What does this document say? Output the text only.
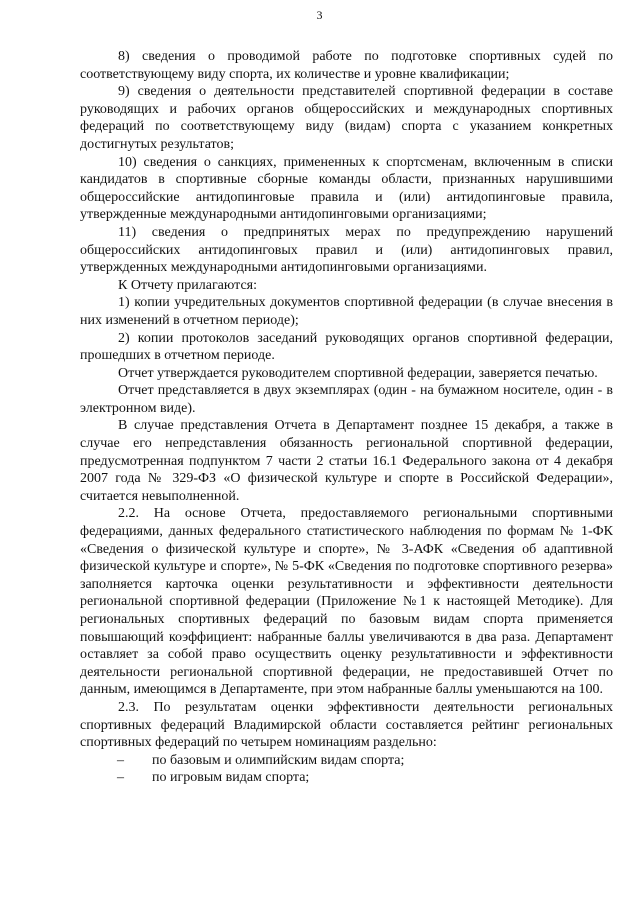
3

8) сведения о проводимой работе по подготовке спортивных судей по соответствующему виду спорта, их количестве и уровне квалификации;

9) сведения о деятельности представителей спортивной федерации в составе руководящих и рабочих органов общероссийских и международных спортивных федераций по соответствующему виду (видам) спорта с указанием конкретных достигнутых результатов;

10) сведения о санкциях, примененных к спортсменам, включенным в списки кандидатов в спортивные сборные команды области, признанных нарушившими общероссийские антидопинговые правила и (или) антидопинговые правила, утвержденные международными антидопинговыми организациями;

11) сведения о предпринятых мерах по предупреждению нарушений общероссийских антидопинговых правил и (или) антидопинговых правил, утвержденных международными антидопинговыми организациями.

К Отчету прилагаются:

1) копии учредительных документов спортивной федерации (в случае внесения в них изменений в отчетном периоде);

2) копии протоколов заседаний руководящих органов спортивной федерации, прошедших в отчетном периоде.

Отчет утверждается руководителем спортивной федерации, заверяется печатью.

Отчет представляется в двух экземплярах (один - на бумажном носителе, один - в электронном виде).

В случае представления Отчета в Департамент позднее 15 декабря, а также в случае его непредставления обязанность региональной спортивной федерации, предусмотренная подпунктом 7 части 2 статьи 16.1 Федерального закона от 4 декабря 2007 года № 329-ФЗ «О физической культуре и спорте в Российской Федерации», считается невыполненной.

2.2. На основе Отчета, предоставляемого региональными спортивными федерациями, данных федерального статистического наблюдения по формам № 1-ФК «Сведения о физической культуре и спорте», № 3-АФК «Сведения об адаптивной физической культуре и спорте», № 5-ФК «Сведения по подготовке спортивного резерва» заполняется карточка оценки результативности и эффективности деятельности региональной спортивной федерации (Приложение №1 к настоящей Методике). Для региональных спортивных федераций по базовым видам спорта применяется повышающий коэффициент: набранные баллы увеличиваются в два раза. Департамент оставляет за собой право осуществить оценку результативности и эффективности деятельности региональной спортивной федерации, не предоставившей Отчет по данным, имеющимся в Департаменте, при этом набранные баллы уменьшаются на 100.

2.3. По результатам оценки эффективности деятельности региональных спортивных федераций Владимирской области составляется рейтинг региональных спортивных федераций по четырем номинациям раздельно:

– по базовым и олимпийским видам спорта;

– по игровым видам спорта;
